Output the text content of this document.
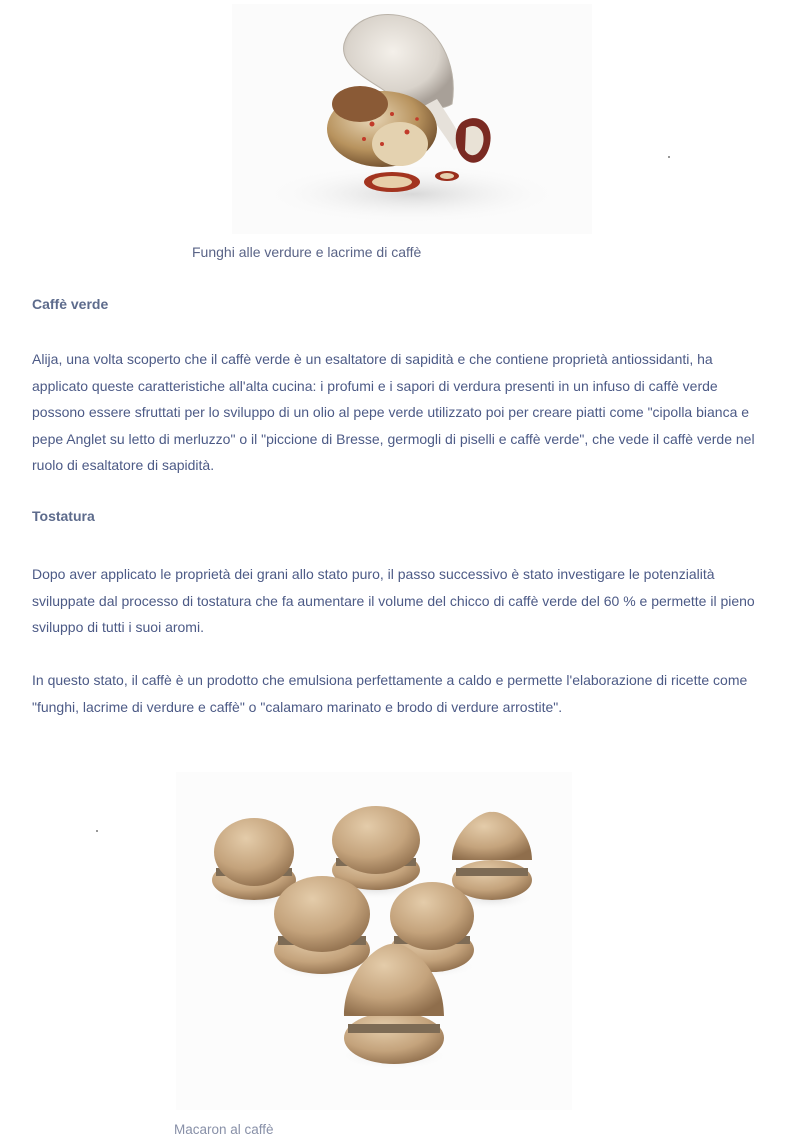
Funghi alle verdure e lacrime di caffè
Caffè verde

Alija, una volta scoperto che il caffè verde è un esaltatore di sapidità e che contiene proprietà antiossidanti, ha applicato queste caratteristiche all'alta cucina: i profumi e i sapori di verdura presenti in un infuso di caffè verde possono essere sfruttati per lo sviluppo di un olio al pepe verde utilizzato poi per creare piatti come "cipolla bianca e pepe Anglet su letto di merluzzo" o il "piccione di Bresse, germogli di piselli e caffè verde", che vede il caffè verde nel ruolo di esaltatore di sapidità.

Tostatura

Dopo aver applicato le proprietà dei grani allo stato puro, il passo successivo è stato investigare le potenzialità sviluppate dal processo di tostatura che fa aumentare il volume del chicco di caffè verde del 60 % e permette il pieno sviluppo di tutti i suoi aromi.

In questo stato, il caffè è un prodotto che emulsiona perfettamente a caldo e permette l'elaborazione di ricette come "funghi, lacrime di verdure e caffè" o "calamaro marinato e brodo di verdure arrostite".

Macaron al caffè
